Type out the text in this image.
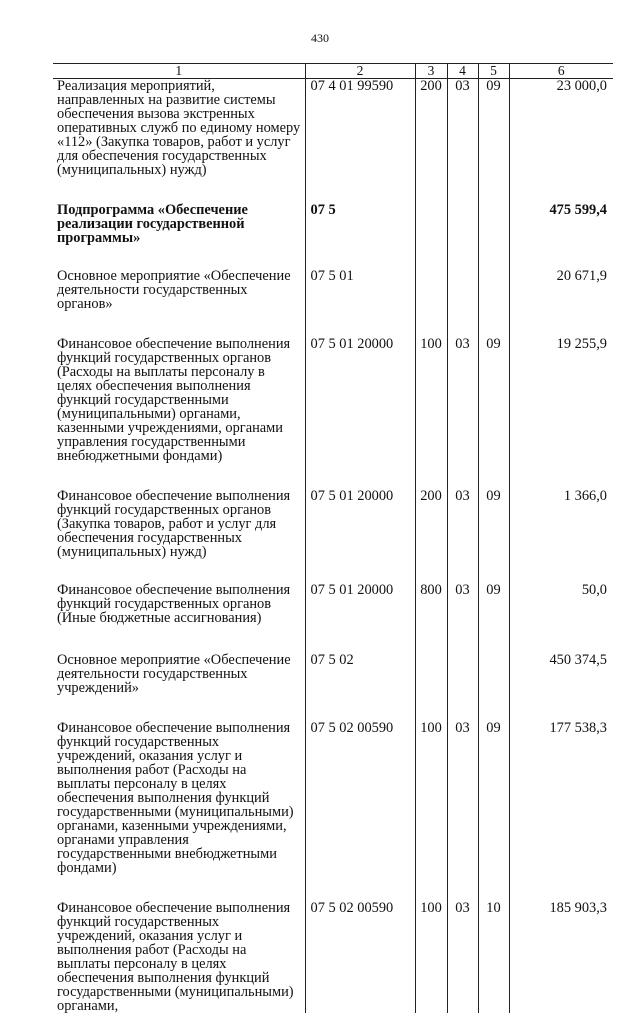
430
1	2	3	4	5	6
Реализация мероприятий, направленных на развитие системы обеспечения вызова экстренных оперативных служб по единому номеру «112» (Закупка товаров, работ и услуг для обеспечения государственных (муниципальных) нужд)	07 4 01 99590	200	03	09	23 000,0
Подпрограмма «Обеспечение реализации государственной программы»	07 5				475 599,4
Основное мероприятие «Обеспечение деятельности государственных органов»	07 5 01				20 671,9
Финансовое обеспечение выполнения функций государственных органов (Расходы на выплаты персоналу в целях обеспечения выполнения функций государственными (муниципальными) органами, казенными учреждениями, органами управления государственными внебюджетными фондами)	07 5 01 20000	100	03	09	19 255,9
Финансовое обеспечение выполнения функций государственных органов (Закупка товаров, работ и услуг для обеспечения государственных (муниципальных) нужд)	07 5 01 20000	200	03	09	1 366,0
Финансовое обеспечение выполнения функций государственных органов (Иные бюджетные ассигнования)	07 5 01 20000	800	03	09	50,0
Основное мероприятие «Обеспечение деятельности государственных учреждений»	07 5 02				450 374,5
Финансовое обеспечение выполнения функций государственных учреждений, оказания услуг и выполнения работ (Расходы на выплаты персоналу в целях обеспечения выполнения функций государственными (муниципальными) органами, казенными учреждениями, органами управления государственными внебюджетными фондами)	07 5 02 00590	100	03	09	177 538,3
Финансовое обеспечение выполнения функций государственных учреждений, оказания услуг и выполнения работ (Расходы на выплаты персоналу в целях обеспечения выполнения функций государственными (муниципальными) органами,	07 5 02 00590	100	03	10	185 903,3
